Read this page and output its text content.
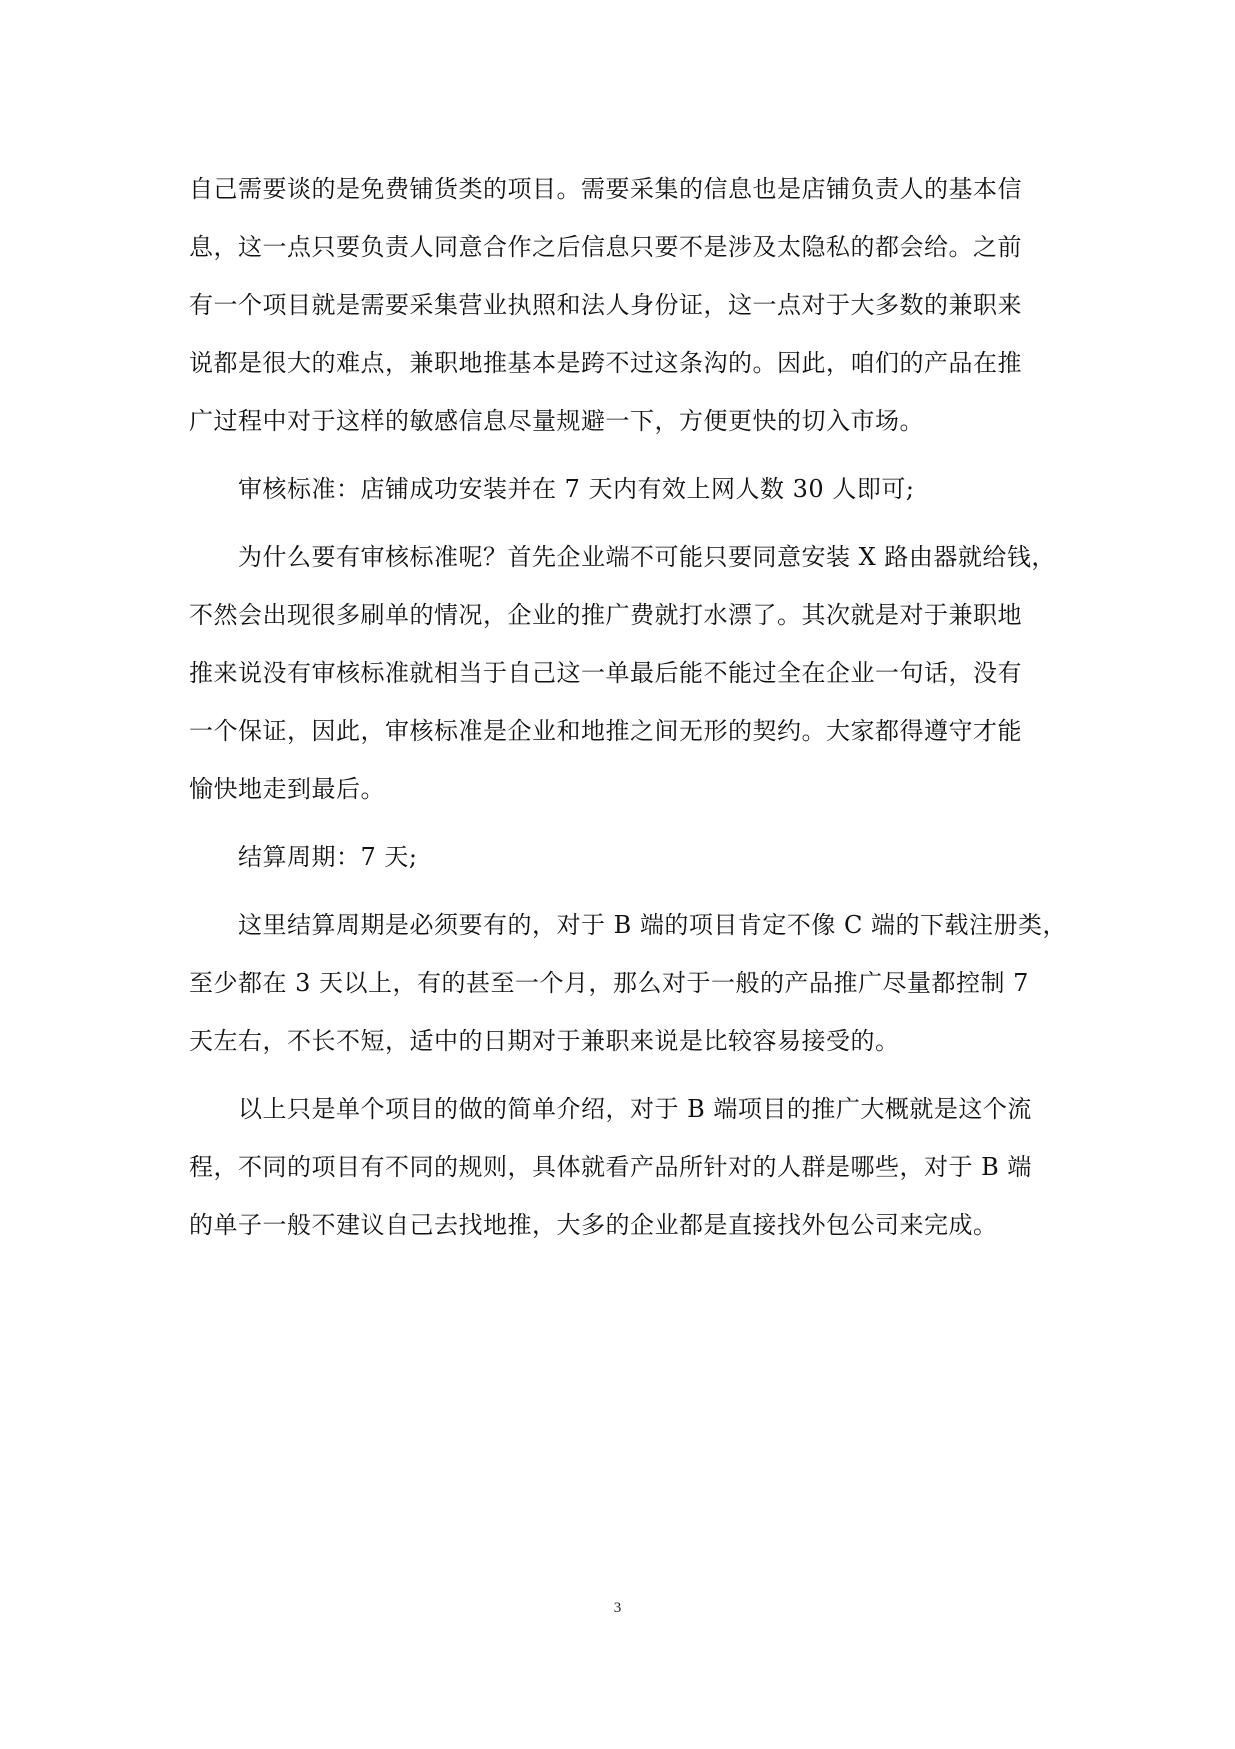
自己需要谈的是免费铺货类的项目。需要采集的信息也是店铺负责人的基本信
息，这一点只要负责人同意合作之后信息只要不是涉及太隐私的都会给。之前
有一个项目就是需要采集营业执照和法人身份证，这一点对于大多数的兼职来
说都是很大的难点，兼职地推基本是跨不过这条沟的。因此，咱们的产品在推
广过程中对于这样的敏感信息尽量规避一下，方便更快的切入市场。
审核标准：店铺成功安装并在 7 天内有效上网人数 30 人即可;
为什么要有审核标准呢？首先企业端不可能只要同意安装 X 路由器就给钱，
不然会出现很多刷单的情况，企业的推广费就打水漂了。其次就是对于兼职地
推来说没有审核标准就相当于自己这一单最后能不能过全在企业一句话，没有
一个保证，因此，审核标准是企业和地推之间无形的契约。大家都得遵守才能
愉快地走到最后。
结算周期：7 天;
这里结算周期是必须要有的，对于 B 端的项目肯定不像 C 端的下载注册类，
至少都在 3 天以上，有的甚至一个月，那么对于一般的产品推广尽量都控制 7
天左右，不长不短，适中的日期对于兼职来说是比较容易接受的。
以上只是单个项目的做的简单介绍，对于 B 端项目的推广大概就是这个流
程，不同的项目有不同的规则，具体就看产品所针对的人群是哪些，对于 B 端
的单子一般不建议自己去找地推，大多的企业都是直接找外包公司来完成。
3
